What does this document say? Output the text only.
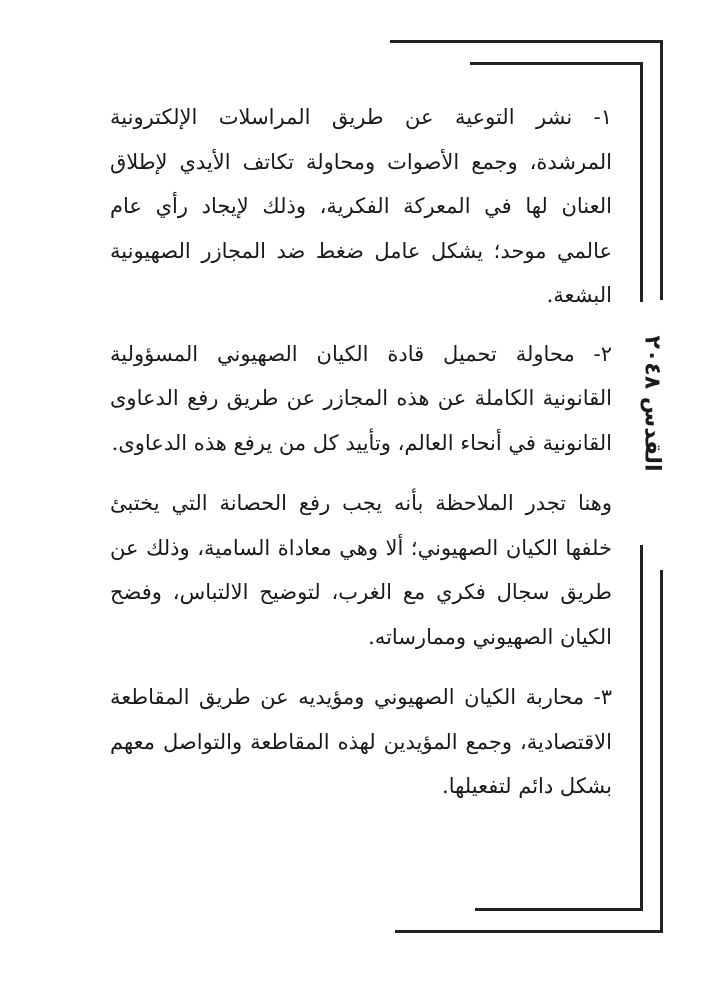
القدس ٢٠٤٨

١- نشر التوعية عن طريق المراسلات الإلكترونية المرشدة، وجمع الأصوات ومحاولة تكاتف الأيدي لإطلاق العنان لها في المعركة الفكرية، وذلك لإيجاد رأي عام عالمي موحد؛ يشكل عامل ضغط ضد المجازر الصهيونية البشعة.

٢- محاولة تحميل قادة الكيان الصهيوني المسؤولية القانونية الكاملة عن هذه المجازر عن طريق رفع الدعاوى القانونية في أنحاء العالم، وتأييد كل من يرفع هذه الدعاوى.

وهنا تجدر الملاحظة بأنه يجب رفع الحصانة التي يختبئ خلفها الكيان الصهيوني؛ ألا وهي معاداة السامية، وذلك عن طريق سجال فكري مع الغرب، لتوضيح الالتباس، وفضح الكيان الصهيوني وممارساته.

٣- محاربة الكيان الصهيوني ومؤيديه عن طريق المقاطعة الاقتصادية، وجمع المؤيدين لهذه المقاطعة والتواصل معهم بشكل دائم لتفعيلها.
